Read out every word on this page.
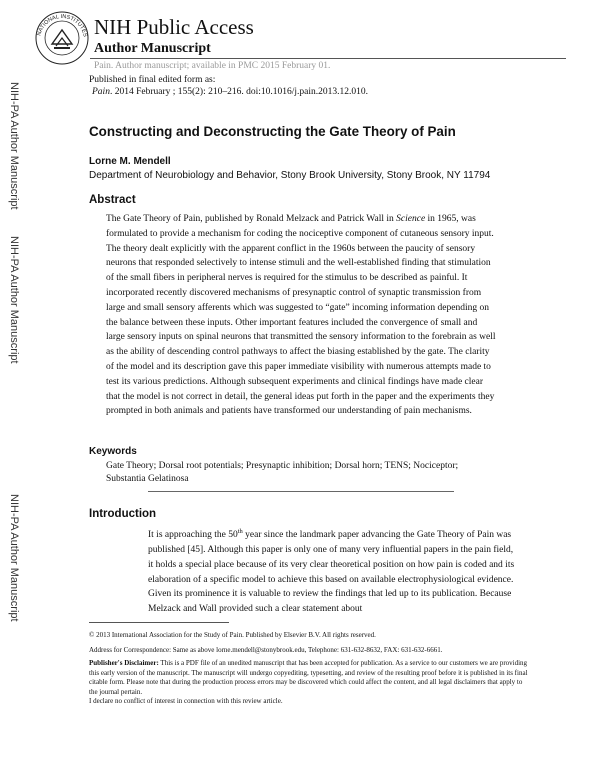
NATIONAL INSTITUTES NIH Public Access
Author Manuscript
Pain. Author manuscript; available in PMC 2015 February 01.
Published in final edited form as:
Pain. 2014 February ; 155(2): 210–216. doi:10.1016/j.pain.2013.12.010.
NIH-PA Author Manuscript
NIH-PA Author Manuscript
NIH-PA Author Manuscript
Constructing and Deconstructing the Gate Theory of Pain
Lorne M. Mendell
Department of Neurobiology and Behavior, Stony Brook University, Stony Brook, NY 11794
Abstract
The Gate Theory of Pain, published by Ronald Melzack and Patrick Wall in Science in 1965, was formulated to provide a mechanism for coding the nociceptive component of cutaneous sensory input. The theory dealt explicitly with the apparent conflict in the 1960s between the paucity of sensory neurons that responded selectively to intense stimuli and the well-established finding that stimulation of the small fibers in peripheral nerves is required for the stimulus to be described as painful. It incorporated recently discovered mechanisms of presynaptic control of synaptic transmission from large and small sensory afferents which was suggested to “gate” incoming information depending on the balance between these inputs. Other important features included the convergence of small and large sensory inputs on spinal neurons that transmitted the sensory information to the forebrain as well as the ability of descending control pathways to affect the biasing established by the gate. The clarity of the model and its description gave this paper immediate visibility with numerous attempts made to test its various predictions. Although subsequent experiments and clinical findings have made clear that the model is not correct in detail, the general ideas put forth in the paper and the experiments they prompted in both animals and patients have transformed our understanding of pain mechanisms.
Keywords
Gate Theory; Dorsal root potentials; Presynaptic inhibition; Dorsal horn; TENS; Nociceptor; Substantia Gelatinosa
Introduction
It is approaching the 50th year since the landmark paper advancing the Gate Theory of Pain was published [45]. Although this paper is only one of many very influential papers in the pain field, it holds a special place because of its very clear theoretical position on how pain is coded and its elaboration of a specific model to achieve this based on available electrophysiological evidence. Given its prominence it is valuable to review the findings that led up to its publication. Because Melzack and Wall provided such a clear statement about
© 2013 International Association for the Study of Pain. Published by Elsevier B.V. All rights reserved.
Address for Correspondence: Same as above lorne.mendell@stonybrook.edu, Telephone: 631-632-8632, FAX: 631-632-6661.
Publisher's Disclaimer: This is a PDF file of an unedited manuscript that has been accepted for publication. As a service to our customers we are providing this early version of the manuscript. The manuscript will undergo copyediting, typesetting, and review of the resulting proof before it is published in its final citable form. Please note that during the production process errors may be discovered which could affect the content, and all legal disclaimers that apply to the journal pertain.
I declare no conflict of interest in connection with this review article.
